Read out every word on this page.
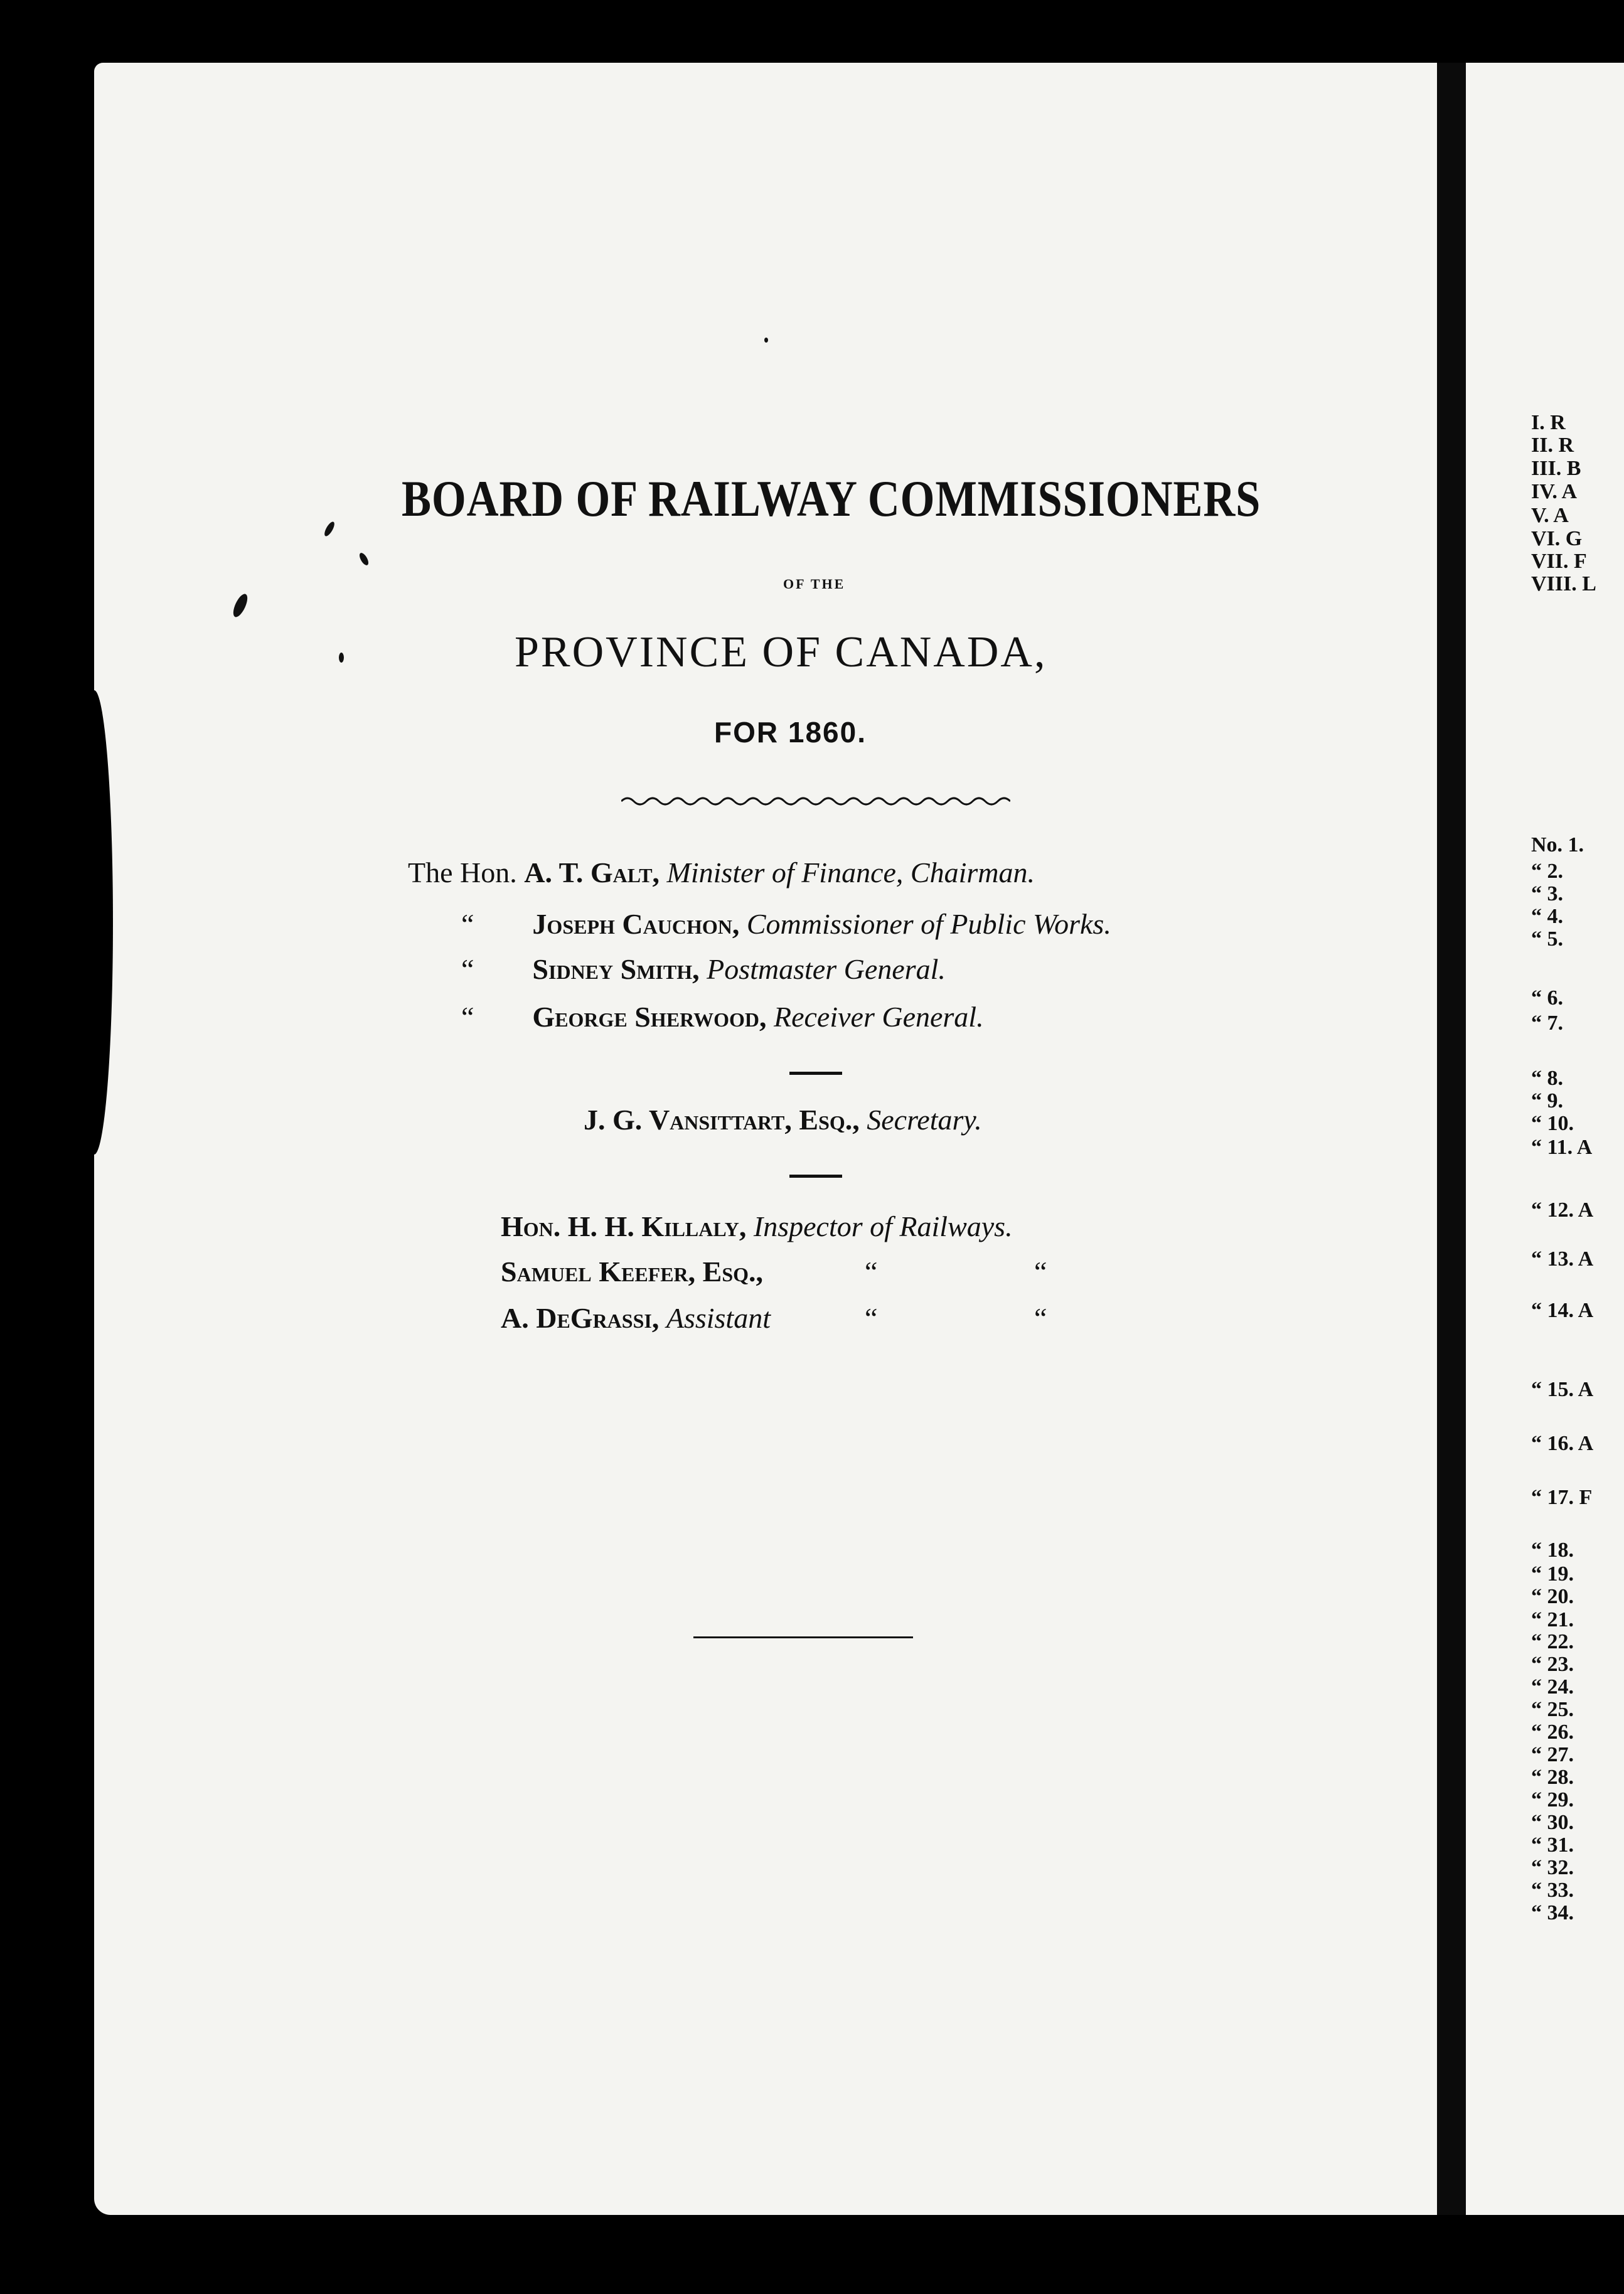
BOARD OF RAILWAY COMMISSIONERS
OF THE
PROVINCE OF CANADA,
FOR 1860.
The Hon. A. T. Galt, Minister of Finance, Chairman.
“ Joseph Cauchon, Commissioner of Public Works.
“ Sidney Smith, Postmaster General.
“ George Sherwood, Receiver General.
J. G. Vansittart, Esq., Secretary.
Hon. H. H. Killaly, Inspector of Railways.
Samuel Keefer, Esq.,	“	“
A. DeGrassi, Assistant	“	“
I. R
II. R
III. B
IV. A
V. A
VI. G
VII. F
VIII. L
No. 1.
“ 2.
“ 3.
“ 4.
“ 5.
“ 6.
“ 7.
“ 8.
“ 9.
“ 10.
“ 11. A
“ 12. A
“ 13. A
“ 14. A
“ 15. A
“ 16. A
“ 17. F
“ 18.
“ 19.
“ 20.
“ 21.
“ 22.
“ 23.
“ 24.
“ 25.
“ 26.
“ 27.
“ 28.
“ 29.
“ 30.
“ 31.
“ 32.
“ 33.
“ 34.
